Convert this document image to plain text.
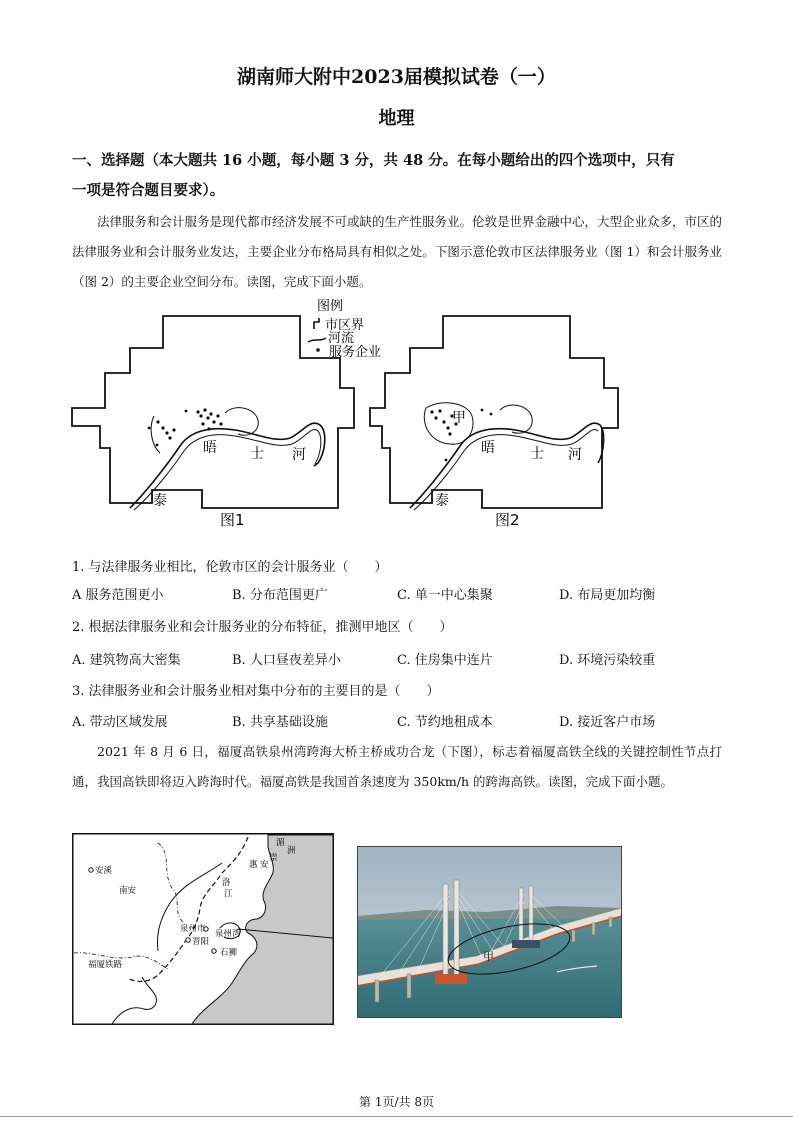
湖南师大附中2023届模拟试卷（一）
地理
一、选择题（本大题共 16 小题，每小题 3 分，共 48 分。在每小题给出的四个选项中，只有
一项是符合题目要求）。

法律服务和会计服务是现代都市经济发展不可或缺的生产性服务业。伦敦是世界金融中心，大型企业众多，市区的法律服务业和会计服务业发达，主要企业分布格局具有相似之处。下图示意伦敦市区法律服务业（图 1）和会计服务业（图 2）的主要企业空间分布。读图，完成下面小题。

晤 士 河
泰
图1
图例
市区界
河流
服务企业
甲
晤	士 河
泰
图2
1. 与法律服务业相比，伦敦市区的会计服务业（　　）
A 服务范围更小	B. 分布范围更广	C. 单一中心集聚	D. 布局更加均衡
2. 根据法律服务业和会计服务业的分布特征，推测甲地区（　　）
A. 建筑物高大密集	B. 人口昼夜差异小	C. 住房集中连片	D. 环境污染较重
3. 法律服务业和会计服务业相对集中分布的主要目的是（　　）
A. 带动区域发展	B. 共享基础设施	C. 节约地租成本	D. 接近客户市场

2021 年 8 月 6 日，福厦高铁泉州湾跨海大桥主桥成功合龙（下图），标志着福厦高铁全线的关键控制性节点打通，我国高铁即将迈入跨海时代。福厦高铁是我国首条速度为 350km/h 的跨海高铁。读图，完成下面小题。

安溪
南安
湄
洲
崇
惠 安
洛
江
泉州市 泉州湾
晋阳
石狮
福厦铁路
甲
第 1页/共 8页
